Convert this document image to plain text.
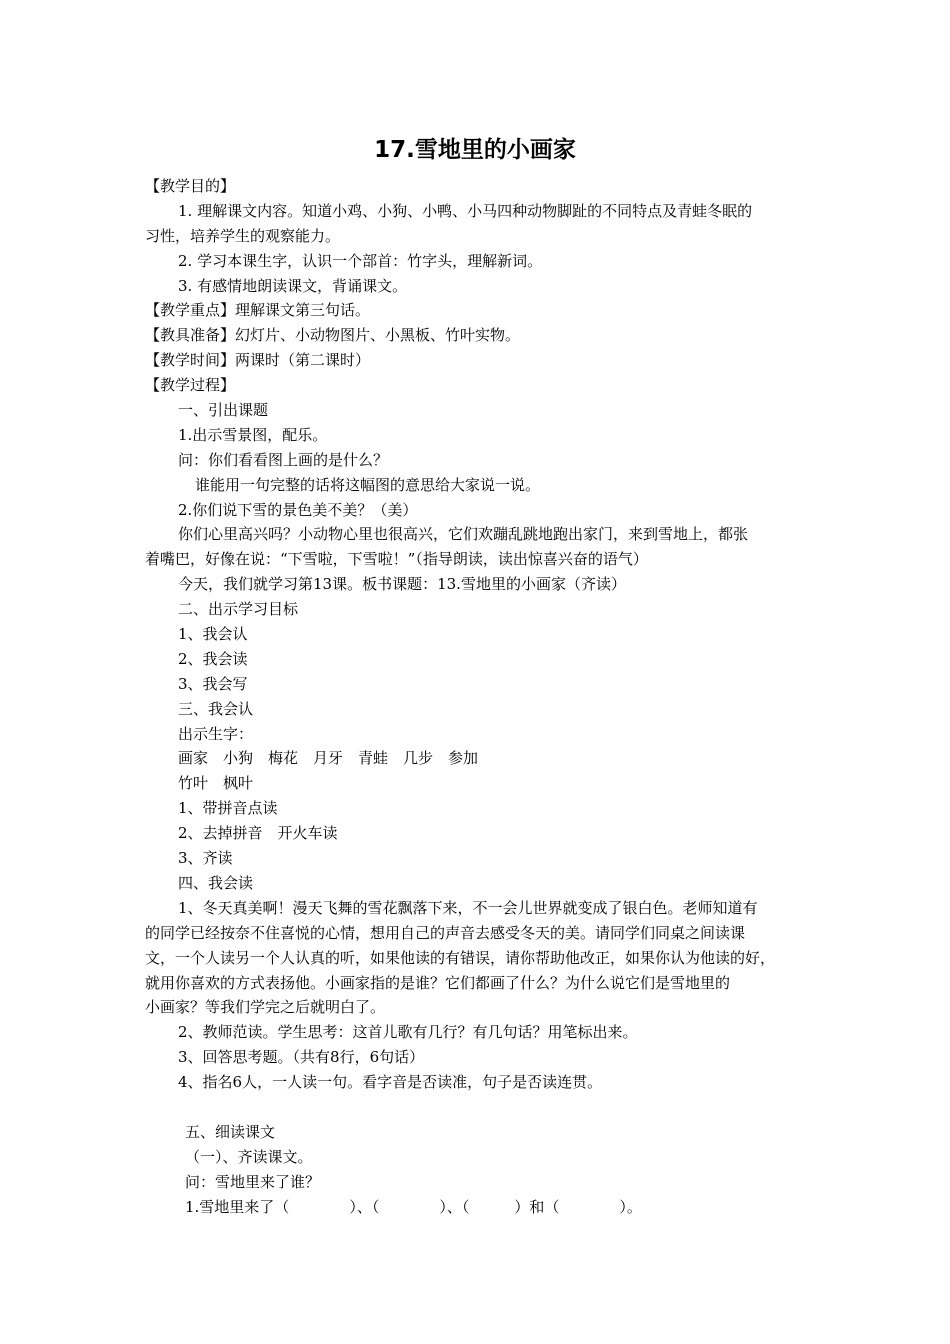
17.雪地里的小画家
【教学目的】
1. 理解课文内容。知道小鸡、小狗、小鸭、小马四种动物脚趾的不同特点及青蛙冬眠的
习性，培养学生的观察能力。
2. 学习本课生字，认识一个部首：竹字头，理解新词。
3. 有感情地朗读课文，背诵课文。
【教学重点】理解课文第三句话。
【教具准备】幻灯片、小动物图片、小黑板、竹叶实物。
【教学时间】两课时（第二课时）
【教学过程】
一、引出课题
1.出示雪景图，配乐。
问：你们看看图上画的是什么？
谁能用一句完整的话将这幅图的意思给大家说一说。
2.你们说下雪的景色美不美？（美）
你们心里高兴吗？小动物心里也很高兴，它们欢蹦乱跳地跑出家门，来到雪地上，都张
着嘴巴，好像在说：“下雪啦，下雪啦！”（指导朗读，读出惊喜兴奋的语气）
今天，我们就学习第13课。板书课题：13.雪地里的小画家（齐读）
二、出示学习目标
1、我会认
2、我会读
3、我会写
三、我会认
出示生字：
画家　小狗　梅花　月牙　青蛙　几步　参加
竹叶　枫叶
1、带拼音点读
2、去掉拼音　开火车读
3、齐读
四、我会读
1、冬天真美啊！漫天飞舞的雪花飘落下来，不一会儿世界就变成了银白色。老师知道有
的同学已经按奈不住喜悦的心情，想用自己的声音去感受冬天的美。请同学们同桌之间读课
文，一个人读另一个人认真的听，如果他读的有错误，请你帮助他改正，如果你认为他读的好，
就用你喜欢的方式表扬他。小画家指的是谁？它们都画了什么？为什么说它们是雪地里的
小画家？等我们学完之后就明白了。
2、教师范读。学生思考：这首儿歌有几行？有几句话？用笔标出来。
3、回答思考题。（共有8行，6句话）
4、指名6人，一人读一句。看字音是否读准，句子是否读连贯。
五、细读课文
（一）、齐读课文。
问：雪地里来了谁？
1.雪地里来了（　　　　）、（　　　　）、（　　　）和（　　　　）。
